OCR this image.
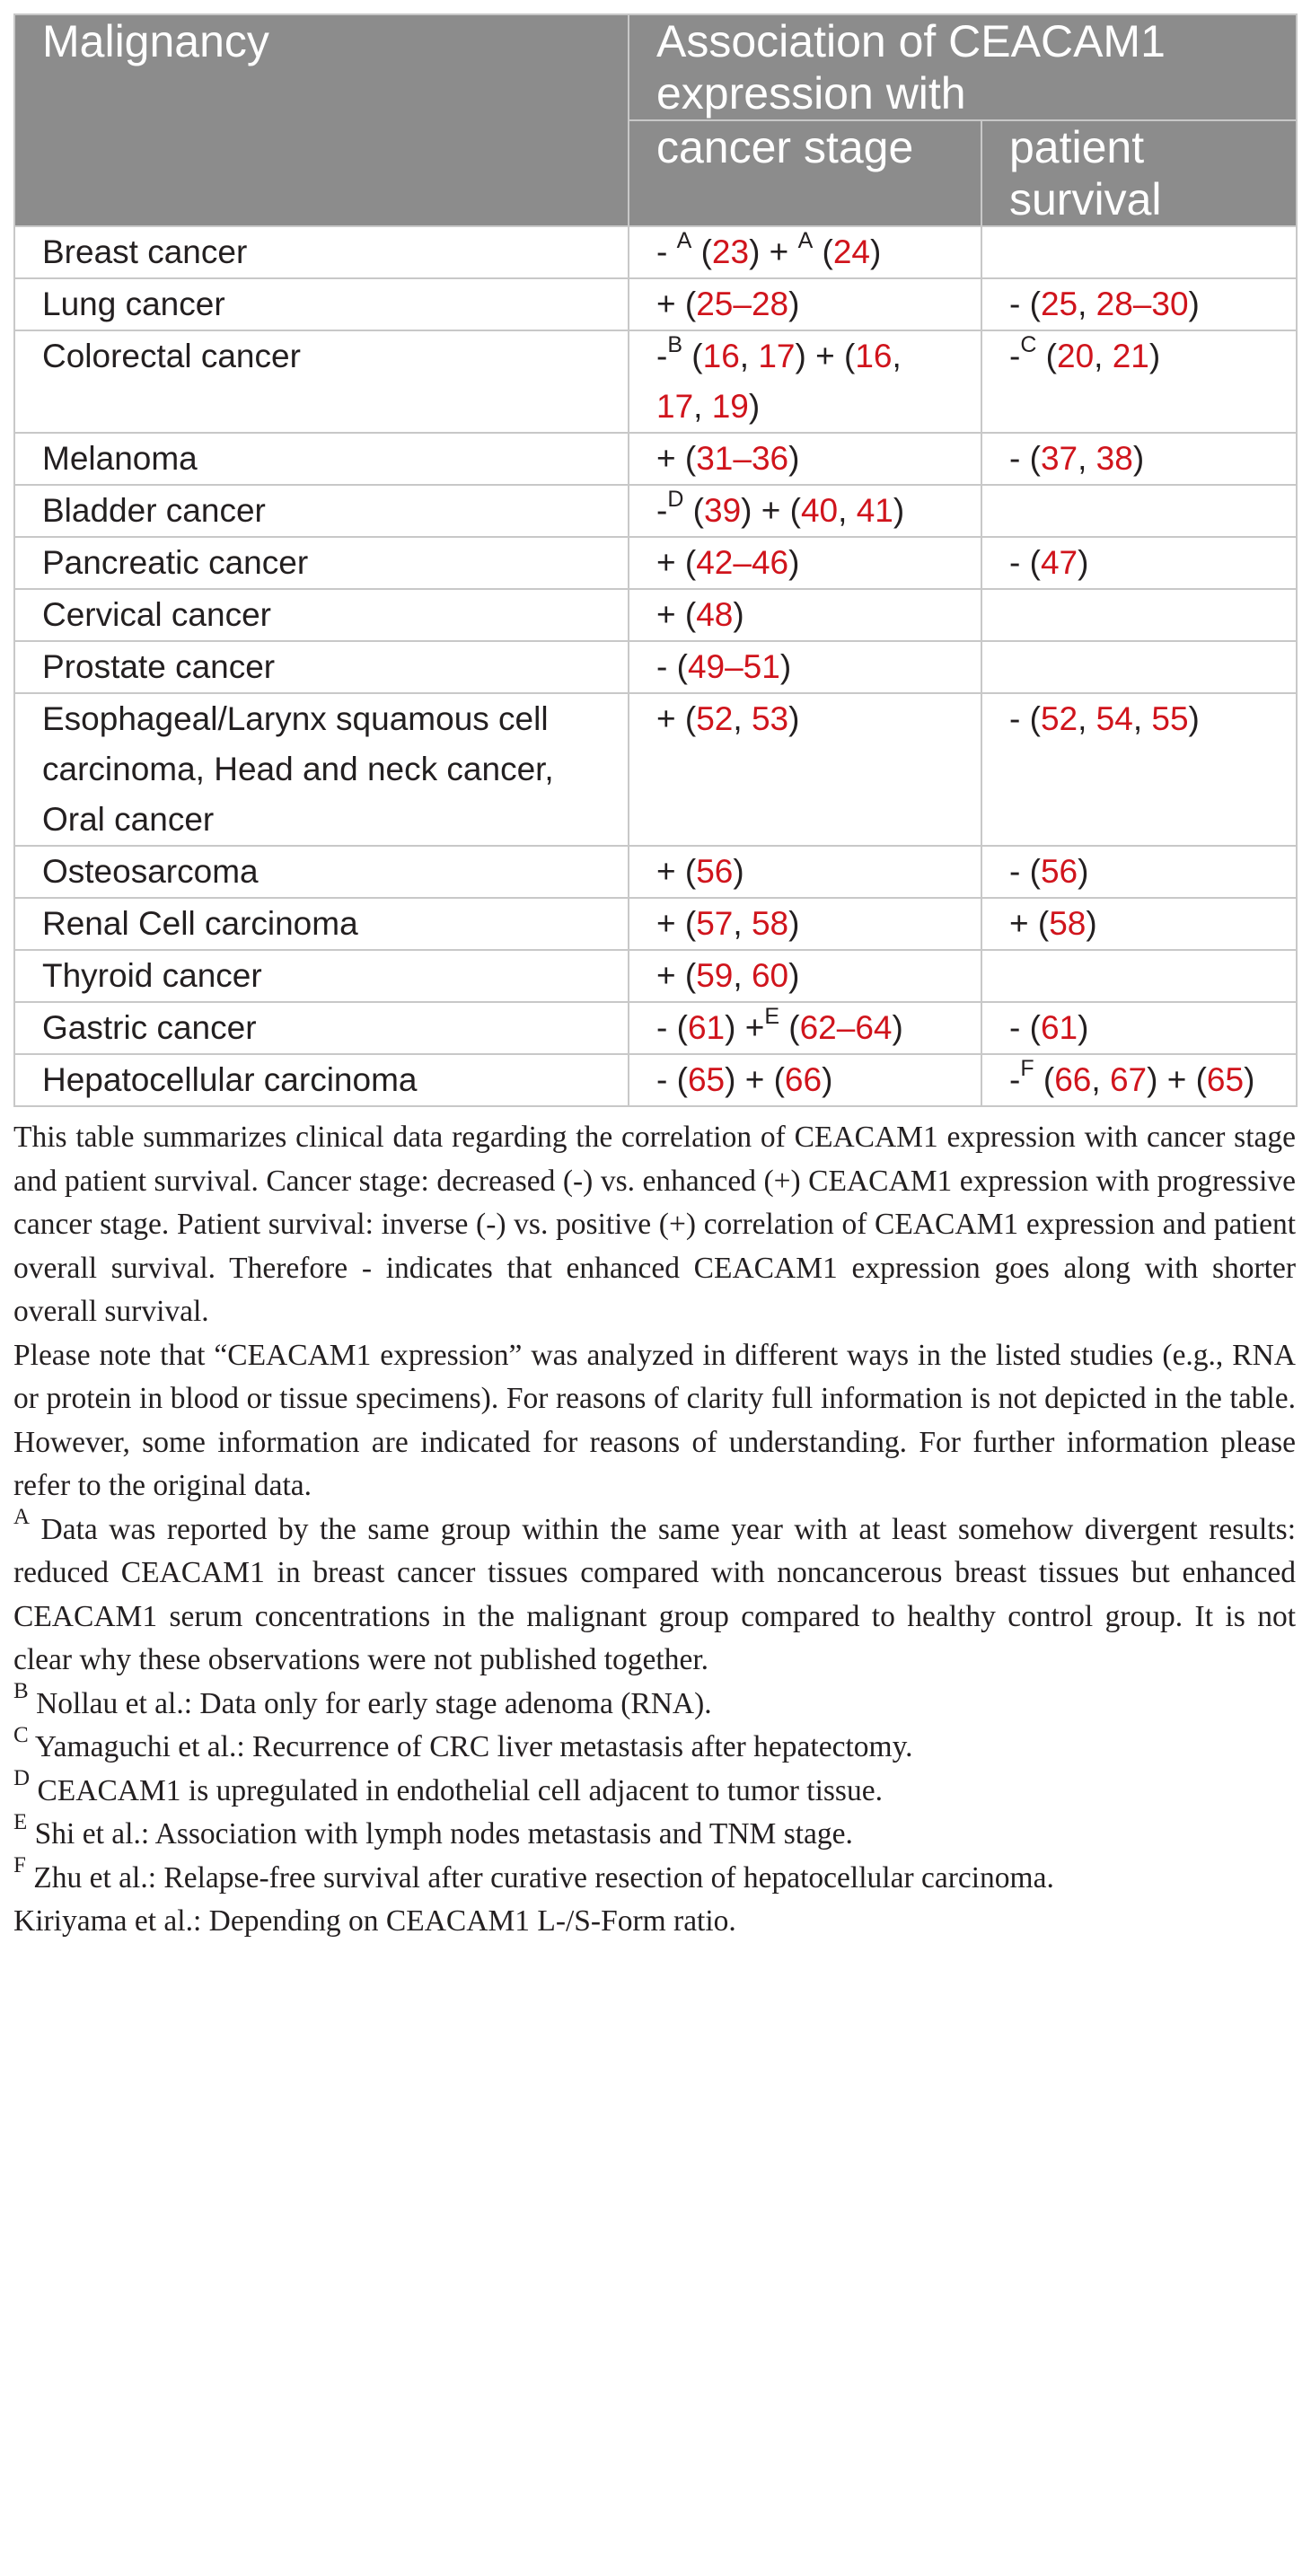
Malignancy	Association of CEACAM1 expression with	
	cancer stage	patient survival
Breast cancer	- $^A$ (23) + $^A$ (24)	
Lung cancer	+ (25–28)	- (25, 28–30)
Colorectal cancer	-$^B$ (16, 17) + (16, 17, 19)	-$^C$ (20, 21)
Melanoma	+ (31–36)	- (37, 38)
Bladder cancer	-$^D$ (39) + (40, 41)	
Pancreatic cancer	+ (42–46)	- (47)
Cervical cancer	+ (48)	
Prostate cancer	- (49–51)	
Esophageal/Larynx squamous cell carcinoma, Head and neck cancer, Oral cancer	+ (52, 53)	- (52, 54, 55)
Osteosarcoma	+ (56)	- (56)
Renal Cell carcinoma	+ (57, 58)	+ (58)
Thyroid cancer	+ (59, 60)	
Gastric cancer	- (61) +$^E$ (62–64)	- (61)
Hepatocellular carcinoma	- (65) + (66)	-$^F$ (66, 67) + (65)

This table summarizes clinical data regarding the correlation of CEACAM1 expression with cancer stage and patient survival. Cancer stage: decreased (-) vs. enhanced (+) CEACAM1 expression with progressive cancer stage. Patient survival: inverse (-) vs. positive (+) correlation of CEACAM1 expression and patient overall survival. Therefore - indicates that enhanced CEACAM1 expression goes along with shorter overall survival.

Please note that “CEACAM1 expression” was analyzed in different ways in the listed studies (e.g., RNA or protein in blood or tissue specimens). For reasons of clarity full information is not depicted in the table. However, some information are indicated for reasons of understanding. For further information please refer to the original data.

$^A$ Data was reported by the same group within the same year with at least somehow divergent results: reduced CEACAM1 in breast cancer tissues compared with noncancerous breast tissues but enhanced CEACAM1 serum concentrations in the malignant group compared to healthy control group. It is not clear why these observations were not published together.

$^B$ Nollau et al.: Data only for early stage adenoma (RNA).

$^C$ Yamaguchi et al.: Recurrence of CRC liver metastasis after hepatectomy.

$^D$ CEACAM1 is upregulated in endothelial cell adjacent to tumor tissue.

$^E$ Shi et al.: Association with lymph nodes metastasis and TNM stage.

$^F$ Zhu et al.: Relapse-free survival after curative resection of hepatocellular carcinoma.

Kiriyama et al.: Depending on CEACAM1 L-/S-Form ratio.
